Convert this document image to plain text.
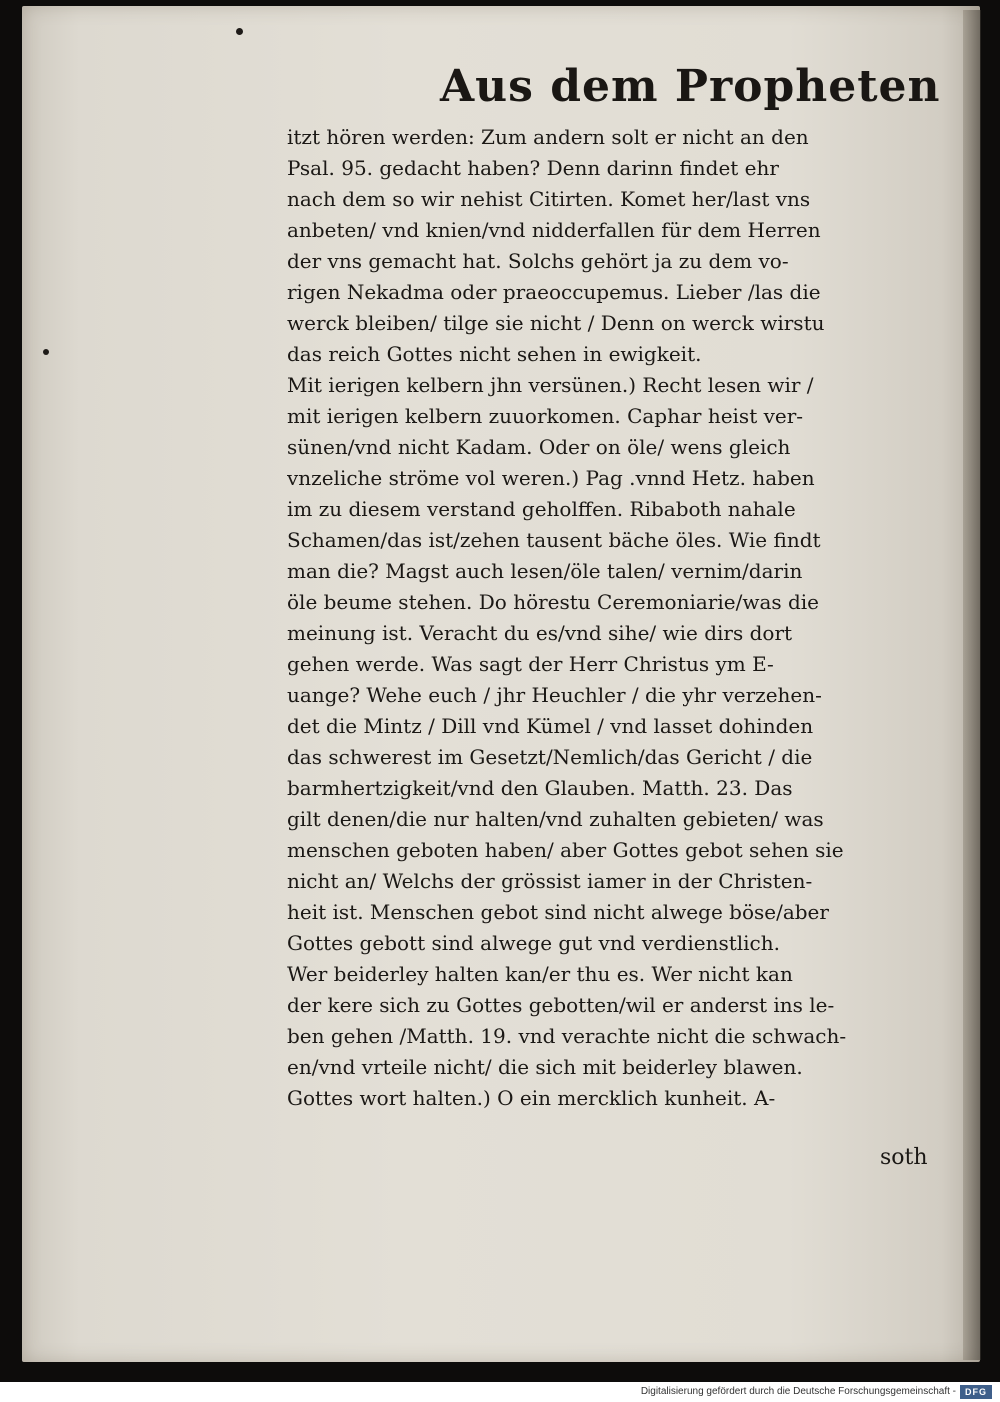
Aus dem Propheten
itzt hören werden: Zum andern solt er nicht an den
Psal. 95. gedacht haben? Denn darinn findet ehr
nach dem so wir nehist Citirten. Komet her/last vns
anbeten/ vnd knien/vnd nidderfallen für dem Herren
der vns gemacht hat. Solchs gehört ja zu dem vo-
rigen Nekadma oder praeoccupemus. Lieber /las die
werck bleiben/ tilge sie nicht / Denn on werck wirstu
das reich Gottes nicht sehen in ewigkeit.
Mit ierigen kelbern jhn versünen.) Recht lesen wir /
mit ierigen kelbern zuuorkomen. Caphar heist ver-
sünen/vnd nicht Kadam. Oder on öle/ wens gleich
vnzeliche ströme vol weren.) Pag .vnnd Hetz. haben
im zu diesem verstand geholffen. Ribaboth nahale
Schamen/das ist/zehen tausent bäche öles. Wie findt
man die? Magst auch lesen/öle talen/ vernim/darin
öle beume stehen. Do hörestu Ceremoniarie/was die
meinung ist. Veracht du es/vnd sihe/ wie dirs dort
gehen werde. Was sagt der Herr Christus ym E-
uange? Wehe euch / jhr Heuchler / die yhr verzehen-
det die Mintz / Dill vnd Kümel / vnd lasset dohinden
das schwerest im Gesetzt/Nemlich/das Gericht / die
barmhertzigkeit/vnd den Glauben. Matth. 23. Das
gilt denen/die nur halten/vnd zuhalten gebieten/ was
menschen geboten haben/ aber Gottes gebot sehen sie
nicht an/ Welchs der grössist iamer in der Christen-
heit ist. Menschen gebot sind nicht alwege böse/aber
Gottes gebott sind alwege gut vnd verdienstlich.
Wer beiderley halten kan/er thu es. Wer nicht kan
der kere sich zu Gottes gebotten/wil er anderst ins le-
ben gehen /Matth. 19. vnd verachte nicht die schwach-
en/vnd vrteile nicht/ die sich mit beiderley blawen.
Gottes wort halten.) O ein mercklich kunheit. A-
soth
Digitalisierung gefördert durch die Deutsche Forschungsgemeinschaft -	DFG
